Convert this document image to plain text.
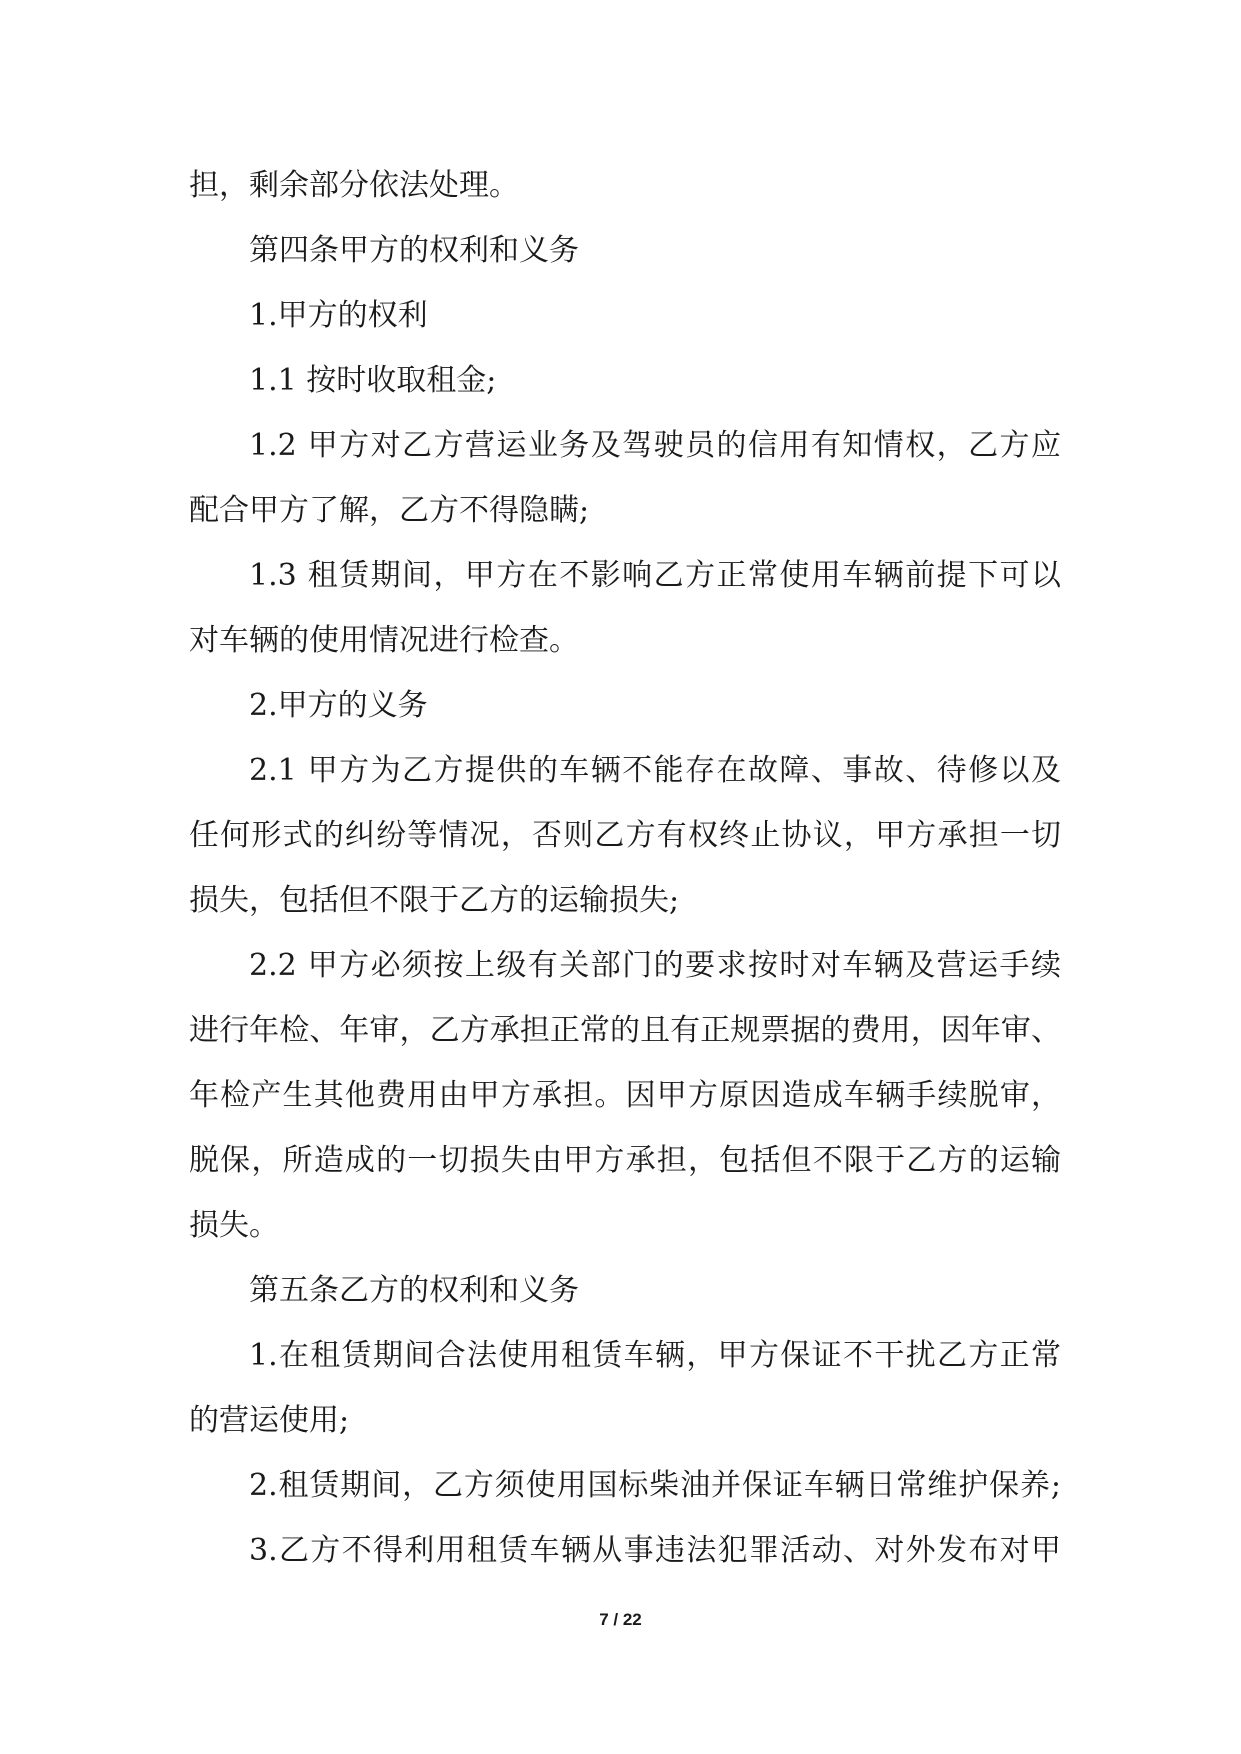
担，剩余部分依法处理。
第四条甲方的权利和义务
1.甲方的权利
1.1 按时收取租金;
1.2 甲方对乙方营运业务及驾驶员的信用有知情权，乙方应
配合甲方了解，乙方不得隐瞒;
1.3 租赁期间，甲方在不影响乙方正常使用车辆前提下可以
对车辆的使用情况进行检查。
2.甲方的义务
2.1 甲方为乙方提供的车辆不能存在故障、事故、待修以及
任何形式的纠纷等情况，否则乙方有权终止协议，甲方承担一切
损失，包括但不限于乙方的运输损失;
2.2 甲方必须按上级有关部门的要求按时对车辆及营运手续
进行年检、年审，乙方承担正常的且有正规票据的费用，因年审、
年检产生其他费用由甲方承担。因甲方原因造成车辆手续脱审，
脱保，所造成的一切损失由甲方承担，包括但不限于乙方的运输
损失。
第五条乙方的权利和义务
1.在租赁期间合法使用租赁车辆，甲方保证不干扰乙方正常
的营运使用;
2.租赁期间，乙方须使用国标柴油并保证车辆日常维护保养;
3.乙方不得利用租赁车辆从事违法犯罪活动、对外发布对甲
7 / 22
